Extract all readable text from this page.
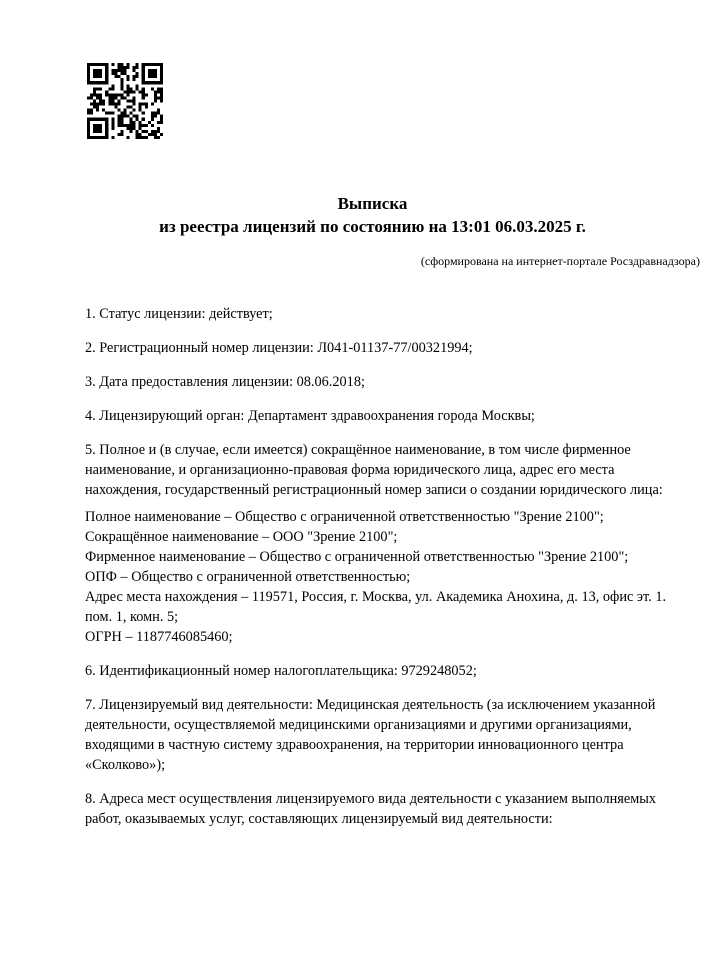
Выписка
из реестра лицензий по состоянию на 13:01 06.03.2025 г.
(сформирована на интернет-портале Росздравнадзора)
1. Статус лицензии: действует;
2. Регистрационный номер лицензии: Л041-01137-77/00321994;
3. Дата предоставления лицензии: 08.06.2018;
4. Лицензирующий орган: Департамент здравоохранения города Москвы;
5. Полное и (в случае, если имеется) сокращённое наименование, в том числе фирменное
наименование, и организационно-правовая форма юридического лица, адрес его места
нахождения, государственный регистрационный номер записи о создании юридического лица:
Полное наименование – Общество с ограниченной ответственностью "Зрение 2100";
Сокращённое наименование – ООО "Зрение 2100";
Фирменное наименование – Общество с ограниченной ответственностью "Зрение 2100";
ОПФ – Общество с ограниченной ответственностью;
Адрес места нахождения – 119571, Россия, г. Москва, ул. Академика Анохина, д. 13, офис эт. 1.
пом. 1, комн. 5;
ОГРН – 1187746085460;
6. Идентификационный номер налогоплательщика: 9729248052;
7. Лицензируемый вид деятельности: Медицинская деятельность (за исключением указанной
деятельности, осуществляемой медицинскими организациями и другими организациями,
входящими в частную систему здравоохранения, на территории инновационного центра
«Сколково»);
8. Адреса мест осуществления лицензируемого вида деятельности с указанием выполняемых
работ, оказываемых услуг, составляющих лицензируемый вид деятельности:
